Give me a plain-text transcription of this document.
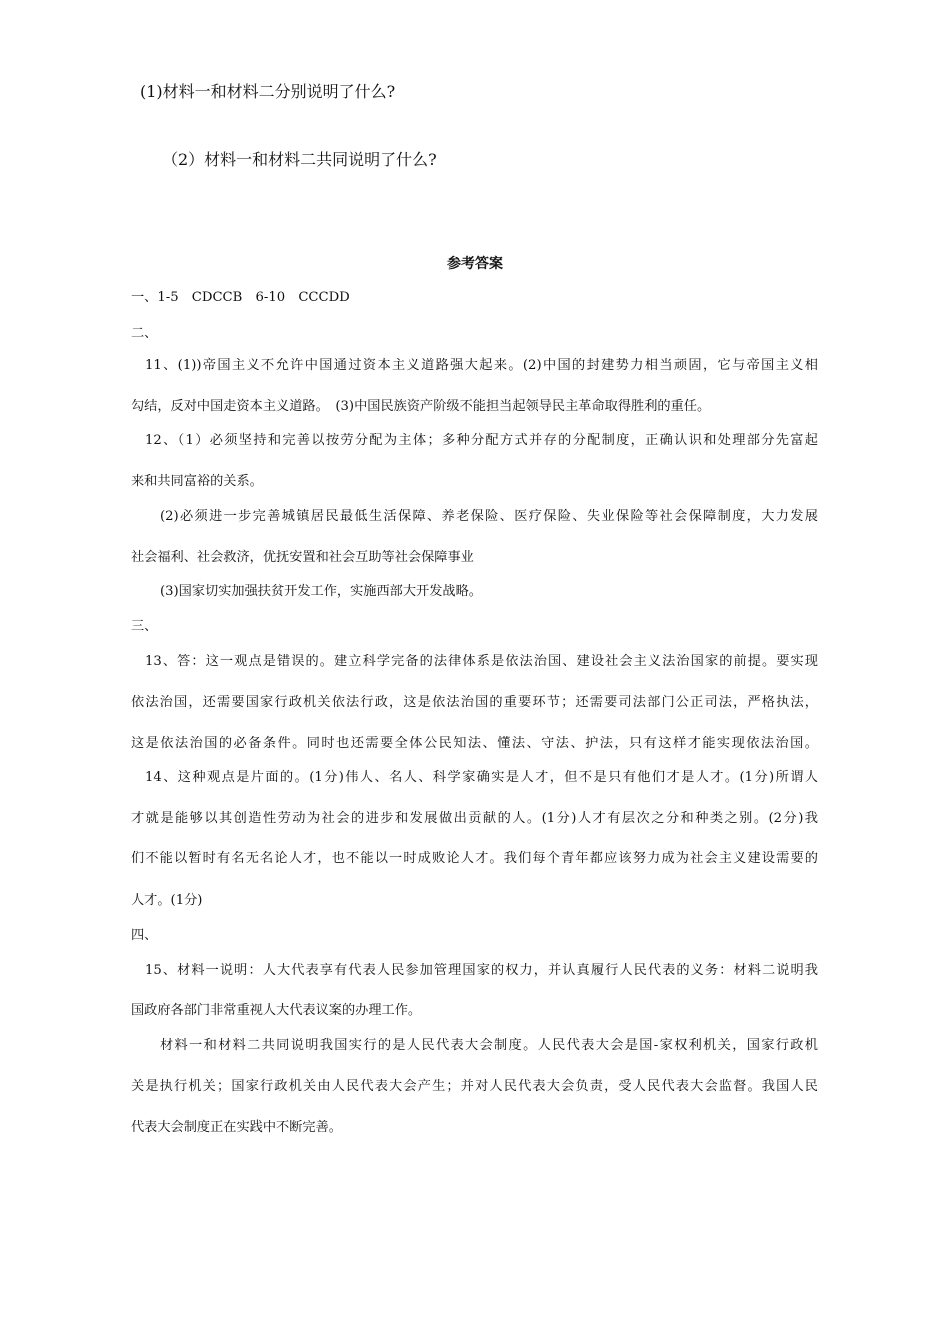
(1)材料一和材料二分别说明了什么?
（2）材料一和材料二共同说明了什么?
参考答案
一、1-5　CDCCB　6-10　CCCDD
二、
11、(1))帝国主义不允许中国通过资本主义道路强大起来。(2)中国的封建势力相当顽固，它与帝国主义相
勾结，反对中国走资本主义道路。　(3)中国民族资产阶级不能担当起领导民主革命取得胜利的重任。
12、（1）必须坚持和完善以按劳分配为主体；多种分配方式并存的分配制度，正确认识和处理部分先富起
来和共同富裕的关系。
(2)必须进一步完善城镇居民最低生活保障、养老保险、医疗保险、失业保险等社会保障制度，大力发展
社会福利、社会救济，优抚安置和社会互助等社会保障事业
(3)国家切实加强扶贫开发工作，实施西部大开发战略。
三、
13、答：这一观点是错误的。建立科学完备的法律体系是依法治国、建设社会主义法治国家的前提。要实现
依法治国，还需要国家行政机关依法行政，这是依法治国的重要环节；还需要司法部门公正司法，严格执法，
这是依法治国的必备条件。同时也还需要全体公民知法、懂法、守法、护法，只有这样才能实现依法治国。
14、这种观点是片面的。(1分)伟人、名人、科学家确实是人才，但不是只有他们才是人才。(1分)所谓人
才就是能够以其创造性劳动为社会的进步和发展做出贡献的人。(1分)人才有层次之分和种类之别。(2分)我
们不能以暂时有名无名论人才，也不能以一时成败论人才。我们每个青年都应该努力成为社会主义建设需要的
人才。(1分)
四、
15、材料一说明：人大代表享有代表人民参加管理国家的权力，并认真履行人民代表的义务：材料二说明我
国政府各部门非常重视人大代表议案的办理工作。
材料一和材料二共同说明我国实行的是人民代表大会制度。人民代表大会是国-家权利机关，国家行政机
关是执行机关；国家行政机关由人民代表大会产生；并对人民代表大会负责，受人民代表大会监督。我国人民
代表大会制度正在实践中不断完善。
